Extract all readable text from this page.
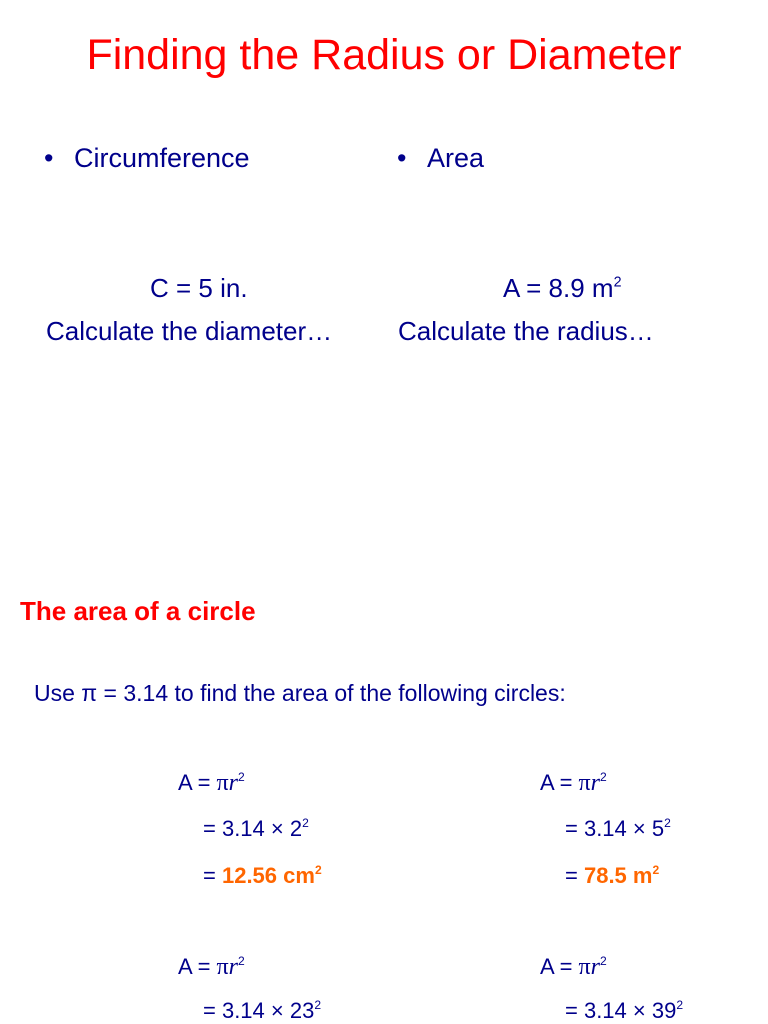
Finding the Radius or Diameter
• Circumference	• Area
C = 5 in.	A = 8.9 $m^2$
Calculate the diameter…	Calculate the radius…
The area of a circle
Use π = 3.14 to find the area of the following circles:
$A = \pi r^2$
= $3.14 \times 2^2$
= 12.56 $cm^2$
$A = \pi r^2$
= $3.14 \times 5^2$
= 78.5 $m^2$
$A = \pi r^2$
= $3.14 \times 23^2$
$A = \pi r^2$
= $3.14 \times 39^2$
